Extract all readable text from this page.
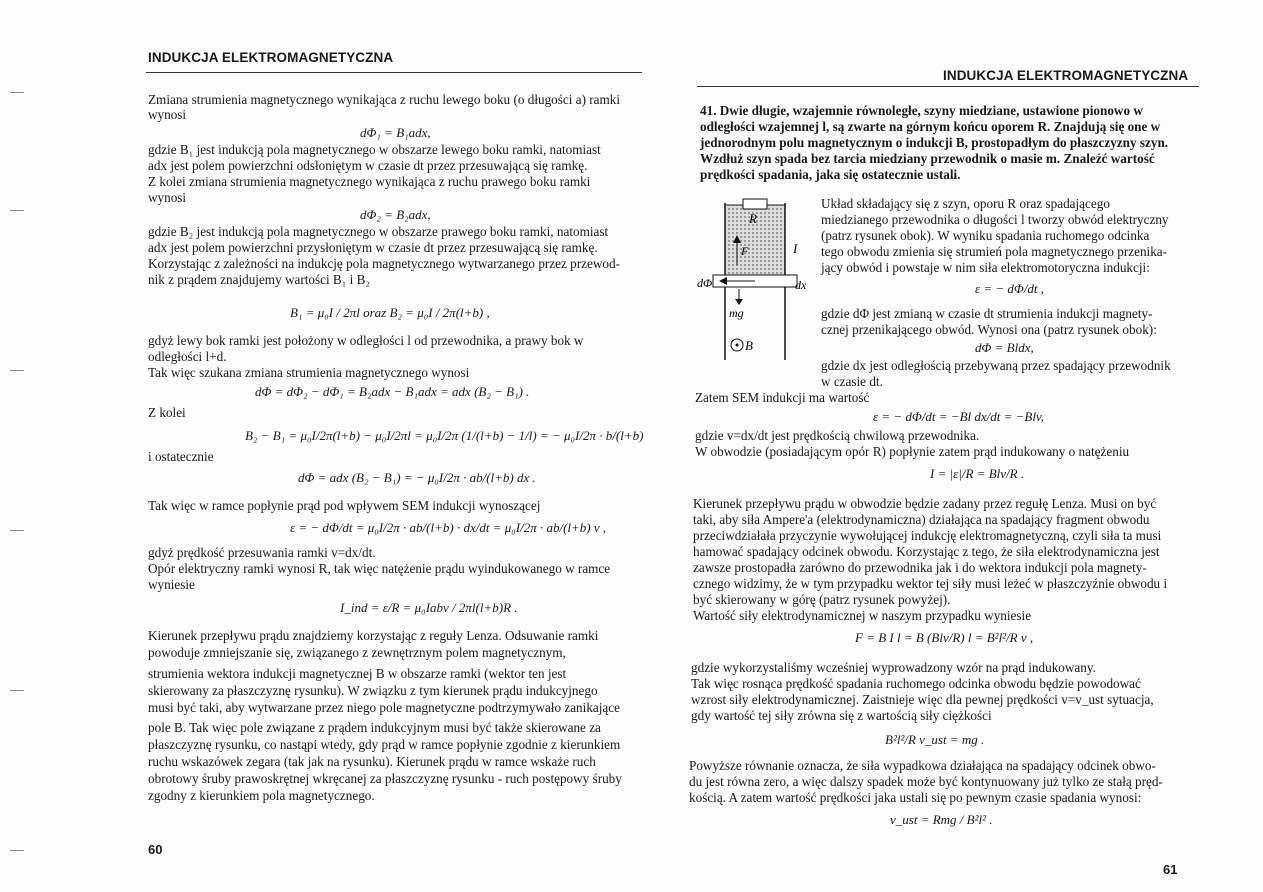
INDUKCJA ELEKTROMAGNETYCZNA
Zmiana strumienia magnetycznego wynikająca z ruchu lewego boku (o długości a) ramki
wynosi
dΦ₁ = B₁adx,
gdzie B₁ jest indukcją pola magnetycznego w obszarze lewego boku ramki, natomiast
adx jest polem powierzchni odsłoniętym w czasie dt przez przesuwającą się ramkę.
Z kolei zmiana strumienia magnetycznego wynikająca z ruchu prawego boku ramki
wynosi
dΦ₂ = B₂adx,
gdzie B₂ jest indukcją pola magnetycznego w obszarze prawego boku ramki, natomiast
adx jest polem powierzchni przysłoniętym w czasie dt przez przesuwającą się ramkę.
Korzystając z zależności na indukcję pola magnetycznego wytwarzanego przez przewod-
nik z prądem znajdujemy wartości B₁ i B₂
B₁ = μ₀I / 2πl oraz B₂ = μ₀I / 2π(l+b) ,
gdyż lewy bok ramki jest położony w odległości l od przewodnika, a prawy bok w
odległości l+d.
Tak więc szukana zmiana strumienia magnetycznego wynosi
dΦ = dΦ₂ − dΦ₁ = B₂adx − B₁adx = adx (B₂ − B₁) .
Z kolei
B₂ − B₁ = μ₀I/2π(l+b) − μ₀I/2πl = μ₀I/2π (1/(l+b) − 1/l) = − μ₀I/2π · b/(l+b)
i ostatecznie
dΦ = adx (B₂ − B₁) = − μ₀I/2π · ab/(l+b) dx .
Tak więc w ramce popłynie prąd pod wpływem SEM indukcji wynoszącej
ε = − dΦ/dt = μ₀I/2π · ab/(l+b) · dx/dt = μ₀I/2π · ab/(l+b) v ,
gdyż prędkość przesuwania ramki v=dx/dt.
Opór elektryczny ramki wynosi R, tak więc natężenie prądu wyindukowanego w ramce
wyniesie
I_ind = ε/R = μ₀Iabv / 2πl(l+b)R .
Kierunek przepływu prądu znajdziemy korzystając z reguły Lenza. Odsuwanie ramki
powoduje zmniejszanie się, związanego z zewnętrznym polem magnetycznym,
strumienia wektora indukcji magnetycznej B w obszarze ramki (wektor ten jest
skierowany za płaszczyznę rysunku). W związku z tym kierunek prądu indukcyjnego
musi być taki, aby wytwarzane przez niego pole magnetyczne podtrzymywało zanikające
pole B. Tak więc pole związane z prądem indukcyjnym musi być także skierowane za
płaszczyznę rysunku, co nastąpi wtedy, gdy prąd w ramce popłynie zgodnie z kierunkiem
ruchu wskazówek zegara (tak jak na rysunku). Kierunek prądu w ramce wskaże ruch
obrotowy śruby prawoskrętnej wkręcanej za płaszczyznę rysunku - ruch postępowy śruby
zgodny z kierunkiem pola magnetycznego.
60
INDUKCJA ELEKTROMAGNETYCZNA
41. Dwie długie, wzajemnie równoległe, szyny miedziane, ustawione pionowo w
odległości wzajemnej l, są zwarte na górnym końcu oporem R. Znajdują się one w
jednorodnym polu magnetycznym o indukcji B, prostopadłym do płaszczyzny szyn.
Wzdłuż szyn spada bez tarcia miedziany przewodnik o masie m. Znaleźć wartość
prędkości spadania, jaka się ostatecznie ustali.
R
F	I
dΦ	dx
mg
B
Układ składający się z szyn, oporu R oraz spadającego
miedzianego przewodnika o długości l tworzy obwód elektryczny
(patrz rysunek obok). W wyniku spadania ruchomego odcinka
tego obwodu zmienia się strumień pola magnetycznego przenika-
jący obwód i powstaje w nim siła elektromotoryczna indukcji:
ε = − dΦ/dt ,
gdzie dΦ jest zmianą w czasie dt strumienia indukcji magnety-
cznej przenikającego obwód. Wynosi ona (patrz rysunek obok):
dΦ = Bldx,
gdzie dx jest odległością przebywaną przez spadający przewodnik
w czasie dt.
Zatem SEM indukcji ma wartość
ε = − dΦ/dt = −Bl dx/dt = −Blv,
gdzie v=dx/dt jest prędkością chwilową przewodnika.
W obwodzie (posiadającym opór R) popłynie zatem prąd indukowany o natężeniu
I = |ε|/R = Blv/R .
Kierunek przepływu prądu w obwodzie będzie zadany przez regułę Lenza. Musi on być
taki, aby siła Ampere'a (elektrodynamiczna) działająca na spadający fragment obwodu
przeciwdziałała przyczynie wywołującej indukcję elektromagnetyczną, czyli siła ta musi
hamować spadający odcinek obwodu. Korzystając z tego, że siła elektrodynamiczna jest
zawsze prostopadła zarówno do przewodnika jak i do wektora indukcji pola magnety-
cznego widzimy, że w tym przypadku wektor tej siły musi leżeć w płaszczyźnie obwodu i
być skierowany w górę (patrz rysunek powyżej).
Wartość siły elektrodynamicznej w naszym przypadku wyniesie
F = B I l = B (Blv/R) l = B²l²/R v ,
gdzie wykorzystaliśmy wcześniej wyprowadzony wzór na prąd indukowany.
Tak więc rosnąca prędkość spadania ruchomego odcinka obwodu będzie powodować
wzrost siły elektrodynamicznej. Zaistnieje więc dla pewnej prędkości v=v_ust sytuacja,
gdy wartość tej siły zrówna się z wartością siły ciężkości
B²l²/R v_ust = mg .
Powyższe równanie oznacza, że siła wypadkowa działająca na spadający odcinek obwo-
du jest równa zero, a więc dalszy spadek może być kontynuowany już tylko ze stałą pręd-
kością. A zatem wartość prędkości jaka ustali się po pewnym czasie spadania wynosi:
v_ust = Rmg / B²l² .
61
